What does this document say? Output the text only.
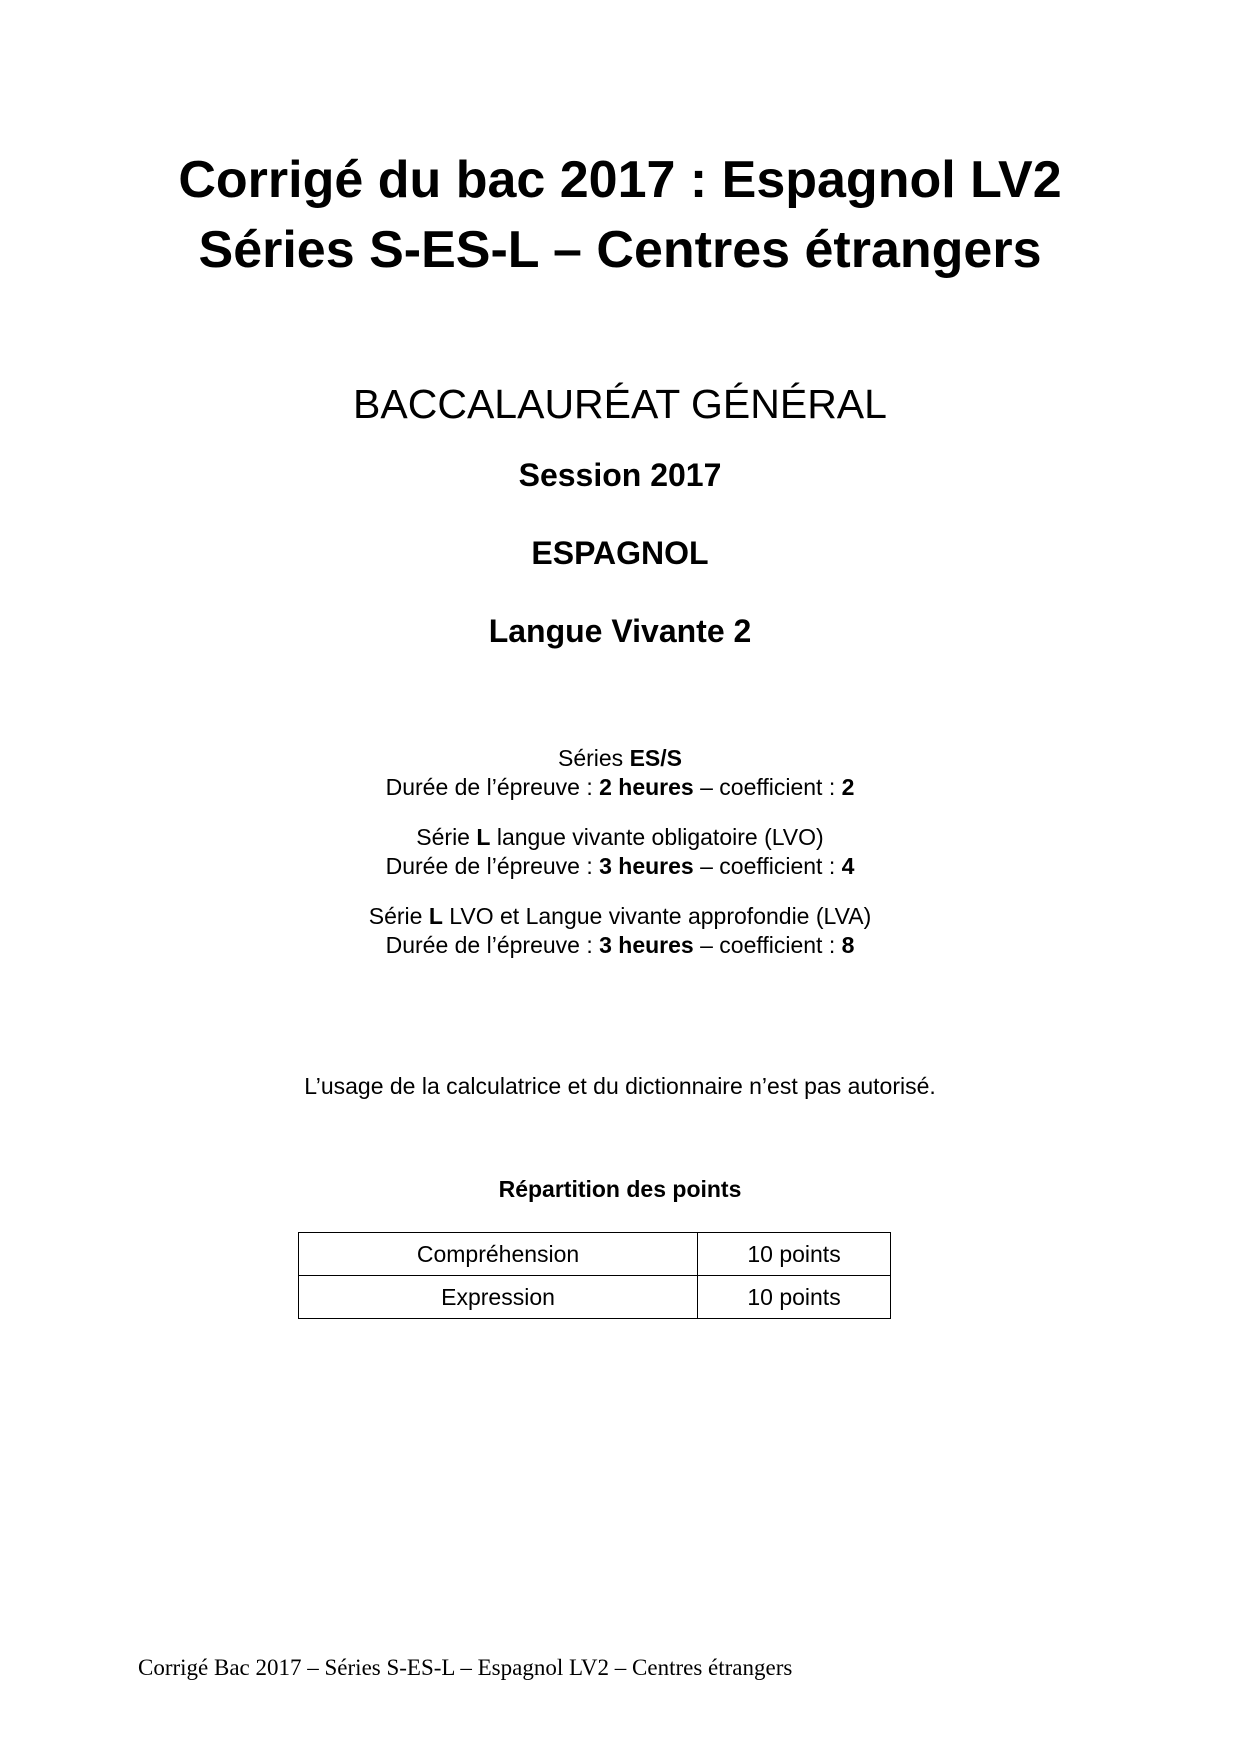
Corrigé du bac 2017 : Espagnol LV2
Séries S-ES-L – Centres étrangers
BACCALAURÉAT GÉNÉRAL
Session 2017
ESPAGNOL
Langue Vivante 2
Séries ES/S
Durée de l’épreuve : 2 heures – coefficient : 2
Série L langue vivante obligatoire (LVO)
Durée de l’épreuve : 3 heures – coefficient : 4
Série L LVO et Langue vivante approfondie (LVA)
Durée de l’épreuve : 3 heures – coefficient : 8
L’usage de la calculatrice et du dictionnaire n’est pas autorisé.
Répartition des points
Compréhension	10 points
Expression	10 points
Corrigé Bac 2017 – Séries S-ES-L – Espagnol LV2 – Centres étrangers
